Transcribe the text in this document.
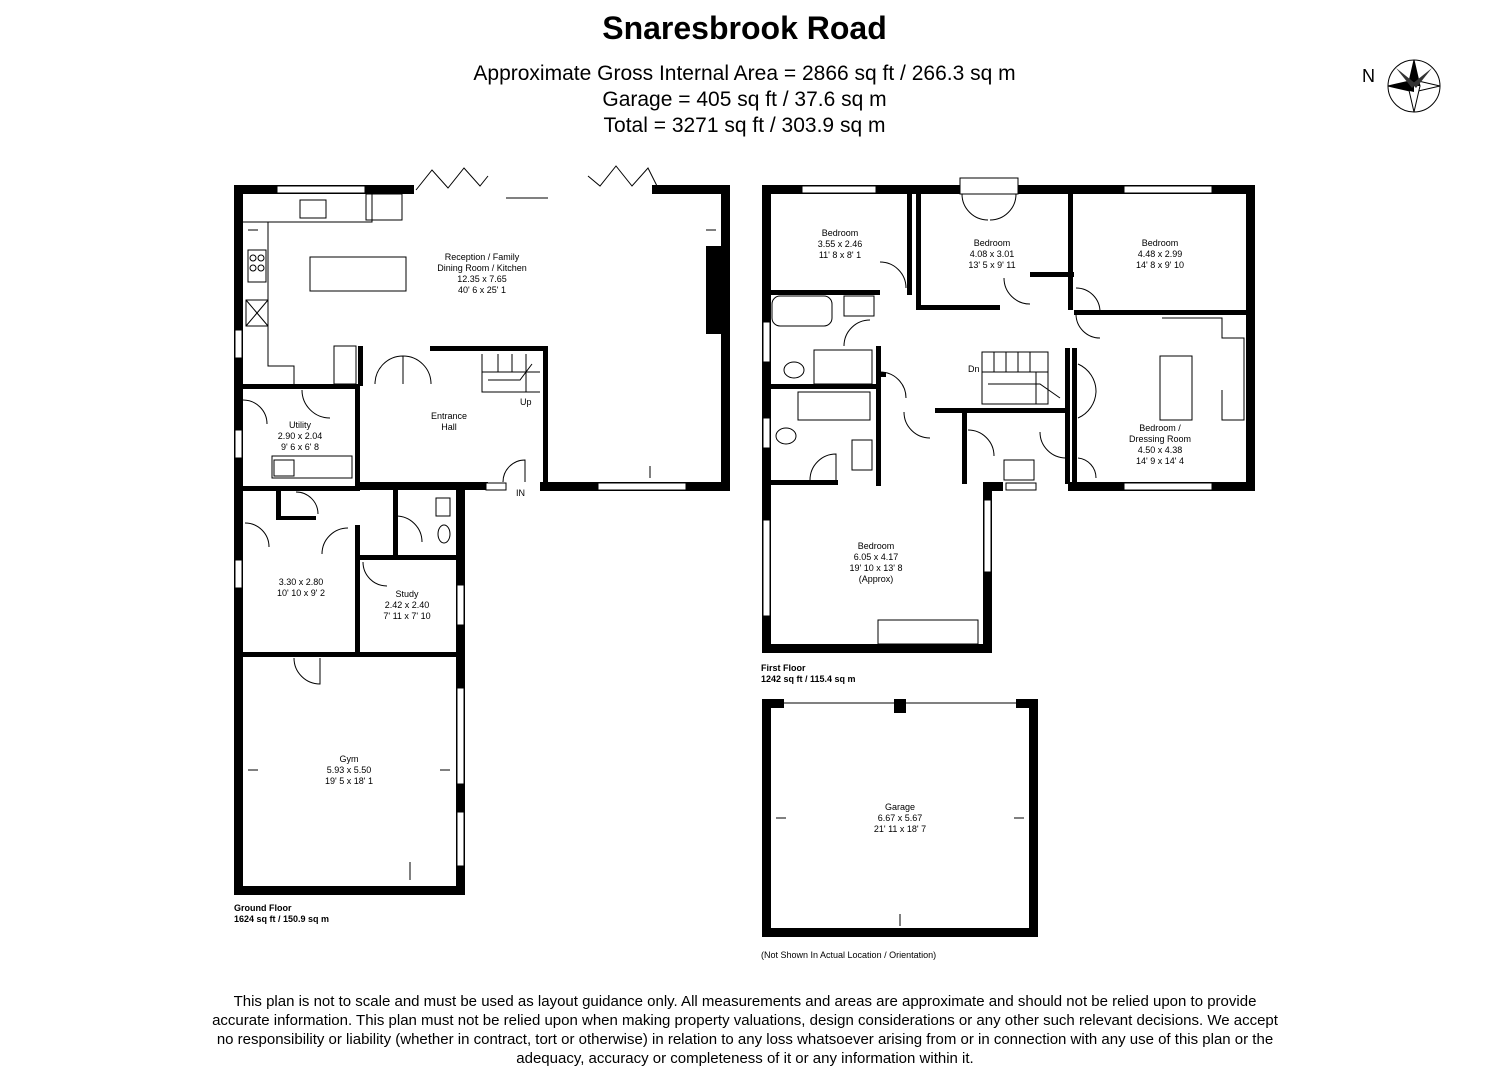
Snaresbrook Road
Approximate Gross Internal Area = 2866 sq ft / 266.3 sq m
Garage = 405 sq ft / 37.6 sq m
Total = 3271 sq ft / 303.9 sq m
N
Reception / Family
Dining Room / Kitchen
12.35 x 7.65
40' 6 x 25' 1
Utility
2.90 x 2.04
9' 6 x 6' 8
Entrance
Hall
Up
IN
3.30 x 2.80
10' 10 x 9' 2	Study
2.42 x 2.40
7' 11 x 7' 10
Gym
5.93 x 5.50
19' 5 x 18' 1
Ground Floor
1624 sq ft / 150.9 sq m
Bedroom
3.55 x 2.46
11' 8 x 8' 1
Bedroom
4.08 x 3.01
13' 5 x 9' 11
Bedroom
4.48 x 2.99
14' 8 x 9' 10
Bedroom /
Dressing Room
4.50 x 4.38
14' 9 x 14' 4
Bedroom
6.05 x 4.17
19' 10 x 13' 8
(Approx)
Dn
First Floor
1242 sq ft / 115.4 sq m
Garage
6.67 x 5.67
21' 11 x 18' 7
(Not Shown In Actual Location / Orientation)
This plan is not to scale and must be used as layout guidance only. All measurements and areas are approximate and should not be relied upon to provide accurate information. This plan must not be relied upon when making property valuations, design considerations or any other such relevant decisions. We accept no responsibility or liability (whether in contract, tort or otherwise) in relation to any loss whatsoever arising from or in connection with any use of this plan or the adequacy, accuracy or completeness of it or any information within it.
